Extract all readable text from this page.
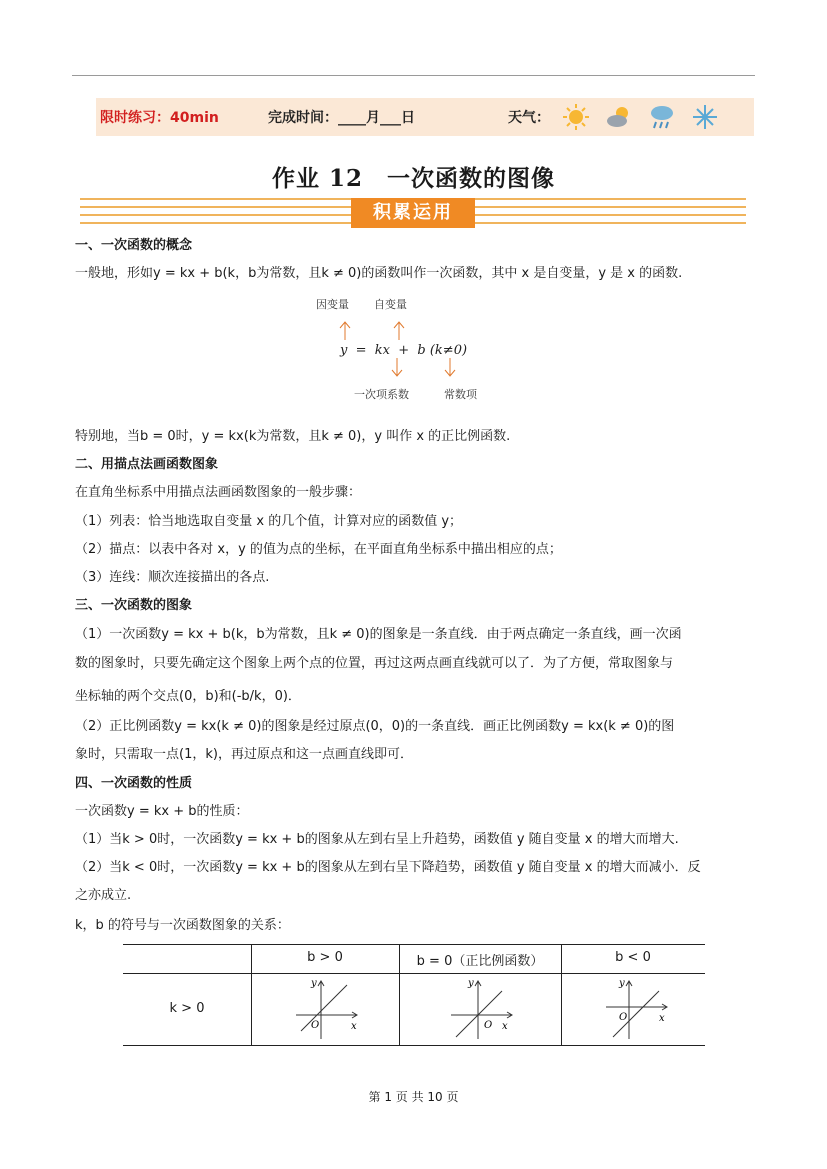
限时练习：40min	完成时间：____月___日	天气：
作业 12　一次函数的图像
积累运用
一、一次函数的概念
一般地，形如y = kx + b(k，b为常数，且k ≠ 0)的函数叫作一次函数，其中 x 是自变量，y 是 x 的函数.
因变量 自变量
y  =  kx  +  b (k≠0)
一次项系数	常数项
特别地，当b = 0时，y = kx(k为常数，且k ≠ 0)，y 叫作 x 的正比例函数.
二、用描点法画函数图象
在直角坐标系中用描点法画函数图象的一般步骤：
（1）列表：恰当地选取自变量 x 的几个值，计算对应的函数值 y；
（2）描点：以表中各对 x，y 的值为点的坐标，在平面直角坐标系中描出相应的点；
（3）连线：顺次连接描出的各点.
三、一次函数的图象
（1）一次函数y = kx + b(k，b为常数，且k ≠ 0)的图象是一条直线．由于两点确定一条直线，画一次函
数的图象时，只要先确定这个图象上两个点的位置，再过这两点画直线就可以了．为了方便，常取图象与
坐标轴的两个交点(0，b)和(-b/k，0)．
（2）正比例函数y = kx(k ≠ 0)的图象是经过原点(0，0)的一条直线．画正比例函数y = kx(k ≠ 0)的图
象时，只需取一点(1，k)，再过原点和这一点画直线即可．
四、一次函数的性质
一次函数y = kx + b的性质：
（1）当k > 0时，一次函数y = kx + b的图象从左到右呈上升趋势，函数值 y 随自变量 x 的增大而增大.
（2）当k < 0时，一次函数y = kx + b的图象从左到右呈下降趋势，函数值 y 随自变量 x 的增大而减小．反
之亦成立.
k，b 的符号与一次函数图象的关系：
b > 0	b = 0（正比例函数）	b < 0
k > 0
y
x
O
y
x
O
y
x
O
第 1 页 共 10 页
